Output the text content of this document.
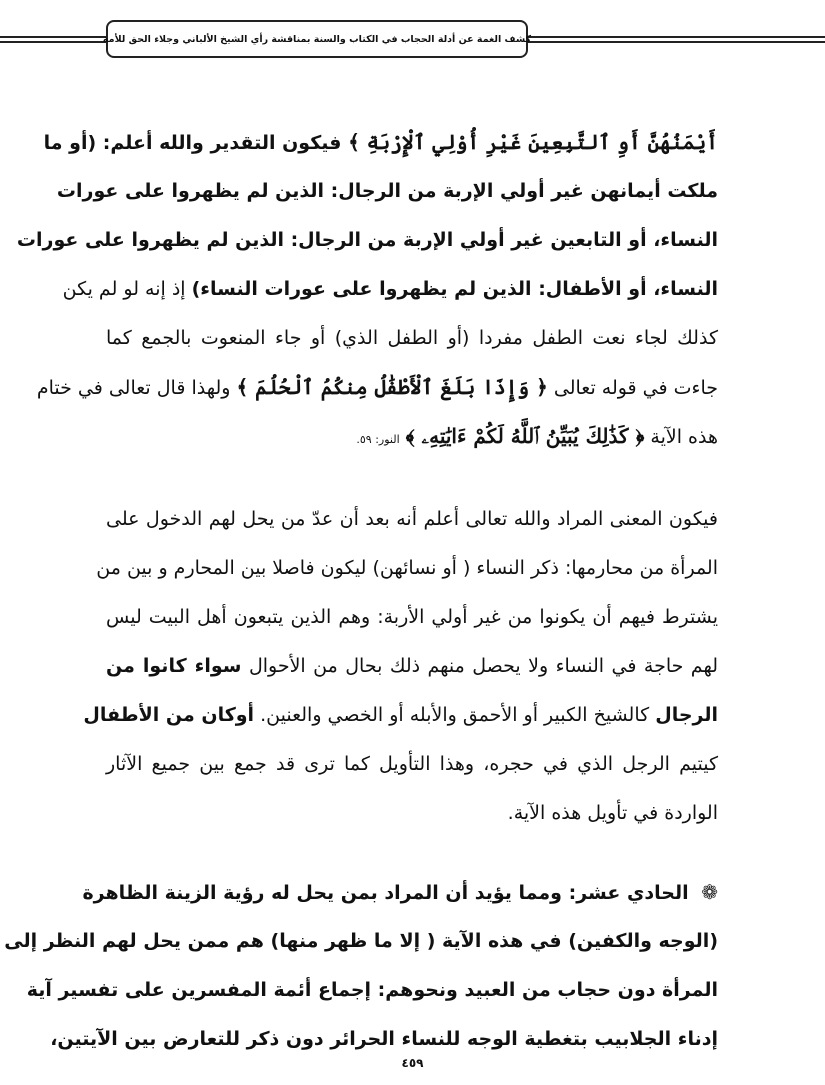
كشف الغمة عن أدلة الحجاب في الكتاب والسنة بمناقشة رأي الشيخ الألباني وجلاء الحق للأمة
أَيْمَنُهُنَّ أَوِ ٱلتَّبِعِينَ غَيْرِ أُوْلِي ٱلْإِرْبَةِ ﴾ فيكون التقدير والله أعلم: (أو ما
ملكت أيمانهن غير أولي الإربة من الرجال: الذين لم يظهروا على عورات
النساء، أو التابعين غير أولي الإربة من الرجال: الذين لم يظهروا على عورات
النساء، أو الأطفال: الذين لم يظهروا على عورات النساء) إذ إنه لو لم يكن
كذلك لجاء نعت الطفل مفردا (أو الطفل الذي) أو جاء المنعوت بالجمع كما
جاءت في قوله تعالى ﴿ وَإِذَا بَلَغَ ٱلْأَطْفَٰلُ مِنكُمُ ٱلْحُلُمَ ﴾ ولهذا قال تعالى في ختام
هذه الآية ﴿ كَذَٰلِكَ يُبَيِّنُ ٱللَّهُ لَكُمْ ءَايَٰتِهِۦ ﴾ النور: ٥٩.
فيكون المعنى المراد والله تعالى أعلم أنه بعد أن عدّ من يحل لهم الدخول على
المرأة من محارمها: ذكر النساء ( أو نسائهن) ليكون فاصلا بين المحارم و بين من
يشترط فيهم أن يكونوا من غير أولي الأربة: وهم الذين يتبعون أهل البيت ليس
لهم حاجة في النساء ولا يحصل منهم ذلك بحال من الأحوال سواء كانوا من
الرجال كالشيخ الكبير أو الأحمق والأبله أو الخصي والعنين. أوكان من الأطفال
كيتيم الرجل الذي في حجره، وهذا التأويل كما ترى قد جمع بين جميع الآثار
الواردة في تأويل هذه الآية.
❁ الحادي عشر: ومما يؤيد أن المراد بمن يحل له رؤية الزينة الظاهرة
(الوجه والكفين) في هذه الآية ( إلا ما ظهر منها) هم ممن يحل لهم النظر إلى
المرأة دون حجاب من العبيد ونحوهم: إجماع أئمة المفسرين على تفسير آية
إدناء الجلابيب بتغطية الوجه للنساء الحرائر دون ذكر للتعارض بين الآيتين،
٤٥٩
